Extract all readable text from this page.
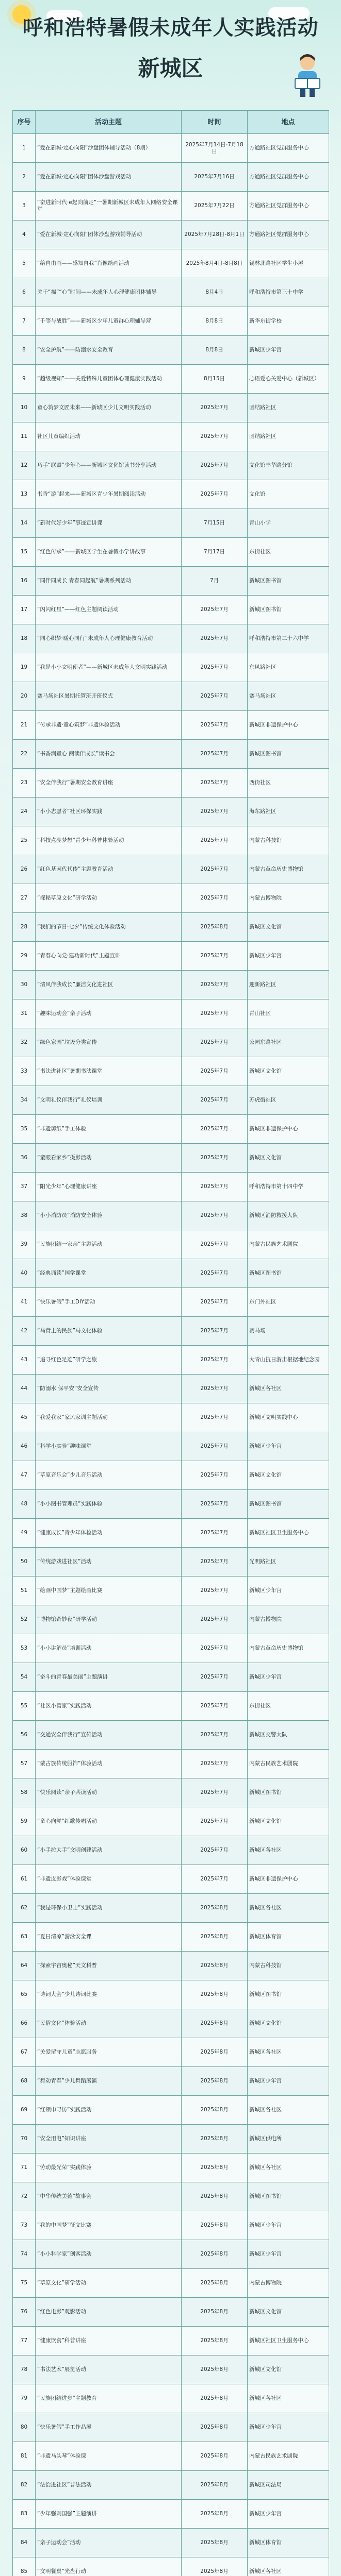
呼和浩特暑假未成年人实践活动
新城区
序号	活动主题	时间	地点
1	“爱在新城·定心向阳”沙盘团体辅导活动（8期）	2025年7月14日-7月18日	方通路社区党群服务中心
2	“爱在新城·定心向阳”团体沙盘游戏活动	2025年7月16日	方通路社区党群服务中心
3	“奋进新时代·e起向前走”一暑期新城区未成年人网络安全课堂	2025年7月22日	方通路社区党群服务中心
4	“爱在新城·定心向阳”团体沙盘游戏辅导活动	2025年7月28日-8月1日	方通路社区党群服务中心
5	“给自由画——感知自我”肖像绘画活动	2025年8月4日-8月8日	锡林北路社区学生小屋
6	关于“福”“心”时间——未成年人心理健康团体辅导	8月4日	呼和浩特市第三十中学
7	“千等与战胜”——新城区少年儿童群心理辅导营	8月8日	新华东街学校
8	“安全护航”——防溺水安全教育	8月8日	新城区少年宫
9	“超级视知”——关爱特殊儿童团体心理健康实践活动	8月15日	心语爱心关爱中心（新城区）
10	童心筑梦文匠未来——新城区少儿文明实践活动	2025年7月	团结路社区
11	社区儿童编织活动	2025年7月	团结路社区
12	巧手“联盟”少年心——新城区文化馆读书分享活动	2025年7月	文化馆丰华路分馆
13	书香“游”起来——新城区青少年暑期阅读活动	2025年7月	文化馆
14	“新时代好少年”事迹宣讲课	7月15日	青山小学
15	“红色传承”——新城区学生在暑假小学讲故事	7月17日	东街社区
16	“同伴同成长 青春同起航”暑期系列活动	7月	新城区图书馆
17	“闪闪红星”——红色主题阅读活动	2025年7月	新城区图书馆
18	“同心织梦·暖心同行”未成年人心理健康教育活动	2025年7月	呼和浩特市第二十六中学
19	“我是小小文明使者”——新城区未成年人文明实践活动	2025年7月	东风路社区
20	赛马场社区暑期托管班开班仪式	2025年7月	赛马场社区
21	“传承非遗·童心筑梦”非遗体验活动	2025年7月	新城区非遗保护中心
22	“书香润童心 阅读伴成长”读书会	2025年7月	新城区图书馆
23	“安全伴我行”暑期安全教育讲座	2025年7月	西街社区
24	“小小志愿者”社区环保实践	2025年7月	海东路社区
25	“科技点亮梦想”青少年科普体验活动	2025年7月	内蒙古科技馆
26	“红色基因代代传”主题教育活动	2025年7月	内蒙古革命历史博物馆
27	“探秘草原文化”研学活动	2025年7月	内蒙古博物院
28	“我们的节日·七夕”传统文化体验活动	2025年8月	新城区文化馆
29	“青春心向党·建功新时代”主题宣讲	2025年7月	新城区少年宫
30	“清风伴我成长”廉洁文化进社区	2025年7月	迎新路社区
31	“趣味运动会”亲子活动	2025年7月	青山社区
32	“绿色家园”垃圾分类宣传	2025年7月	公园东路社区
33	“书法进社区”暑期书法课堂	2025年7月	新城区文化馆
34	“文明礼仪伴我行”礼仪培训	2025年7月	苏虎街社区
35	“非遗剪纸”手工体验	2025年7月	新城区非遗保护中心
36	“童眼看家乡”摄影活动	2025年7月	新城区文化馆
37	“阳光少年”心理健康讲座	2025年7月	呼和浩特市第十四中学
38	“小小消防员”消防安全体验	2025年7月	新城区消防救援大队
39	“民族团结一家亲”主题活动	2025年7月	内蒙古民族艺术剧院
40	“经典诵读”国学课堂	2025年7月	新城区图书馆
41	“快乐暑假”手工DIY活动	2025年7月	东门外社区
42	“马背上的民族”马文化体验	2025年7月	赛马场
43	“追寻红色足迹”研学之旅	2025年7月	大青山抗日游击根据地纪念园
44	“防溺水 保平安”安全宣传	2025年7月	新城区各社区
45	“我爱我家”家风家训主题活动	2025年7月	新城区文明实践中心
46	“科学小实验”趣味课堂	2025年7月	新城区少年宫
47	“草原音乐会”少儿音乐活动	2025年7月	新城区文化馆
48	“小小图书管理员”实践体验	2025年7月	新城区图书馆
49	“健康成长”青少年体检活动	2025年7月	新城区社区卫生服务中心
50	“传统游戏进社区”活动	2025年7月	光明路社区
51	“绘画中国梦”主题绘画比赛	2025年7月	新城区少年宫
52	“博物馆奇妙夜”研学活动	2025年7月	内蒙古博物院
53	“小小讲解员”培训活动	2025年7月	内蒙古革命历史博物馆
54	“奋斗的青春最美丽”主题演讲	2025年7月	新城区少年宫
55	“社区小管家”实践活动	2025年7月	东街社区
56	“交通安全伴我行”宣传活动	2025年7月	新城区交警大队
57	“蒙古族传统服饰”体验活动	2025年7月	内蒙古民族艺术剧院
58	“快乐阅读”亲子共读活动	2025年7月	新城区图书馆
59	“童心向党”红歌传唱活动	2025年7月	新城区文化馆
60	“小手拉大手”文明创建活动	2025年7月	新城区各社区
61	“非遗皮影戏”体验课堂	2025年7月	新城区非遗保护中心
62	“我是环保小卫士”实践活动	2025年8月	新城区各社区
63	“夏日清凉”游泳安全课	2025年8月	新城区体育馆
64	“探索宇宙奥秘”天文科普	2025年8月	内蒙古科技馆
65	“诗词大会”少儿诗词比赛	2025年8月	新城区图书馆
66	“民俗文化”体验活动	2025年8月	新城区文化馆
67	“关爱留守儿童”志愿服务	2025年8月	新城区各社区
68	“舞动青春”少儿舞蹈展演	2025年8月	新城区少年宫
69	“红领巾寻访”实践活动	2025年8月	新城区各社区
70	“安全用电”知识讲座	2025年8月	新城区供电所
71	“劳动最光荣”实践体验	2025年8月	新城区各社区
72	“中华传统美德”故事会	2025年8月	新城区图书馆
73	“我的中国梦”征文比赛	2025年8月	新城区少年宫
74	“小小科学家”创客活动	2025年8月	新城区少年宫
75	“草原文化”研学活动	2025年8月	内蒙古博物院
76	“红色电影”观影活动	2025年8月	新城区文化馆
77	“健康饮食”科普讲座	2025年8月	新城区社区卫生服务中心
78	“书法艺术”展览活动	2025年8月	新城区文化馆
79	“民族团结进步”主题教育	2025年8月	新城区各社区
80	“快乐暑假”手工作品展	2025年8月	新城区少年宫
81	“非遗马头琴”体验课	2025年8月	内蒙古民族艺术剧院
82	“法治进社区”普法活动	2025年8月	新城区司法局
83	“少年强则国强”主题演讲	2025年8月	新城区少年宫
84	“亲子运动会”活动	2025年8月	新城区体育馆
85	“文明餐桌”光盘行动	2025年8月	新城区各社区
